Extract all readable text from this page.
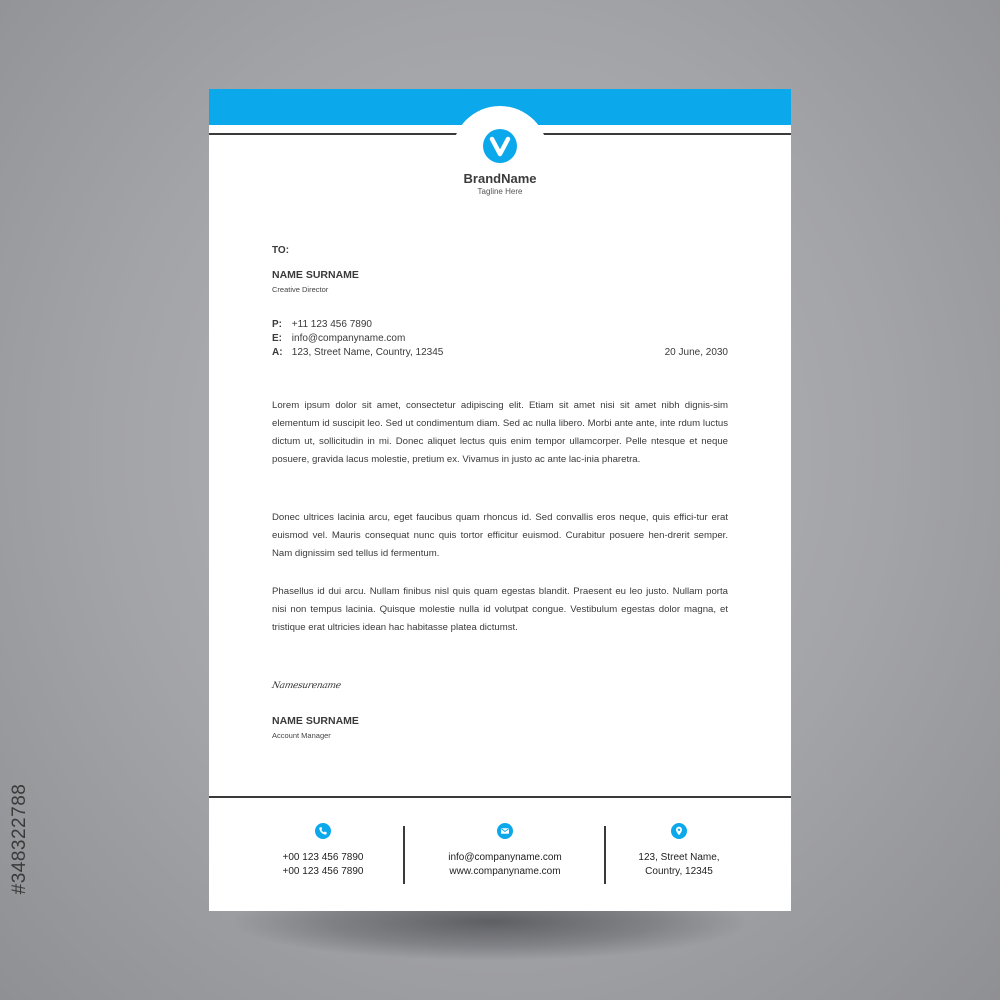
BrandName
Tagline Here
TO:
NAME SURNAME
Creative Director
P: +11 123 456 7890
E: info@companyname.com
A: 123, Street Name, Country, 12345	20 June, 2030

Lorem ipsum dolor sit amet, consectetur adipiscing elit. Etiam sit amet nisi sit amet nibh dignis-sim elementum id suscipit leo. Sed ut condimentum diam. Sed ac nulla libero. Morbi ante ante, inte rdum luctus dictum ut, sollicitudin in mi. Donec aliquet lectus quis enim tempor ullamcorper. Pelle ntesque et neque posuere, gravida lacus molestie, pretium ex. Vivamus in justo ac ante lac-inia pharetra.

Donec ultrices lacinia arcu, eget faucibus quam rhoncus id. Sed convallis eros neque, quis effici-tur erat euismod vel. Mauris consequat nunc quis tortor efficitur euismod. Curabitur posuere hen-drerit semper. Nam dignissim sed tellus id fermentum.

Phasellus id dui arcu. Nullam finibus nisl quis quam egestas blandit. Praesent eu leo justo. Nullam porta nisi non tempus lacinia. Quisque molestie nulla id volutpat congue. Vestibulum egestas dolor magna, et tristique erat ultricies idean hac habitasse platea dictumst.

Namesurename
NAME SURNAME
Account Manager
+00 123 456 7890
+00 123 456 7890
info@companyname.com
www.companyname.com
123, Street Name,
Country, 12345
#348322788
